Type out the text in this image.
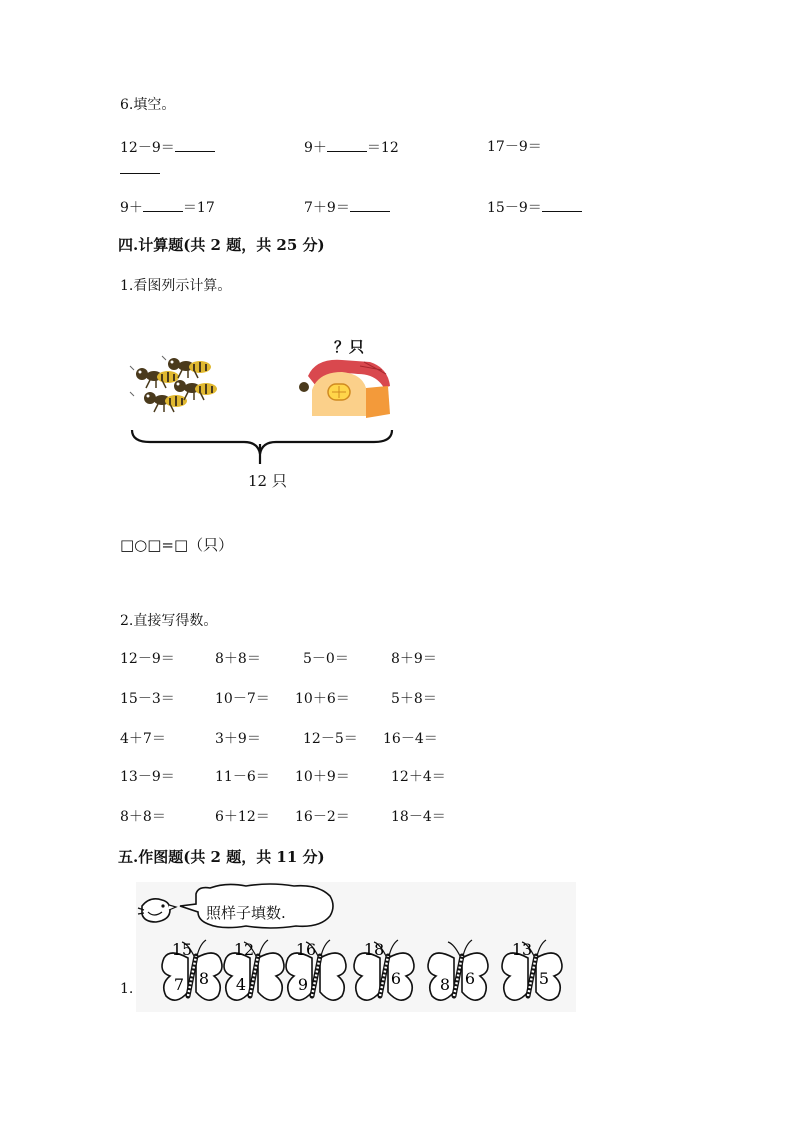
6.填空。
12－9＝	9＋	＝12	17－9＝
9＋	＝17	7＋9＝	15－9＝
四.计算题(共 2 题，共 25 分)
1.看图列示计算。
？只
12 只
□○□=□（只）
2.直接写得数。
12－9＝	8＋8＝	5－0＝	8＋9＝
15－3＝	10－7＝ 10＋6＝	5＋8＝
4＋7＝	3＋9＝	12－5＝ 16－4＝
13－9＝	11－6＝ 10＋9＝	12＋4＝
8＋8＝	6＋12＝ 16－2＝	18－4＝
五.作图题(共 2 题，共 11 分)
1.
15
7 8
12
4
16
9
18
6 8 6
13
5
照样子填数.
